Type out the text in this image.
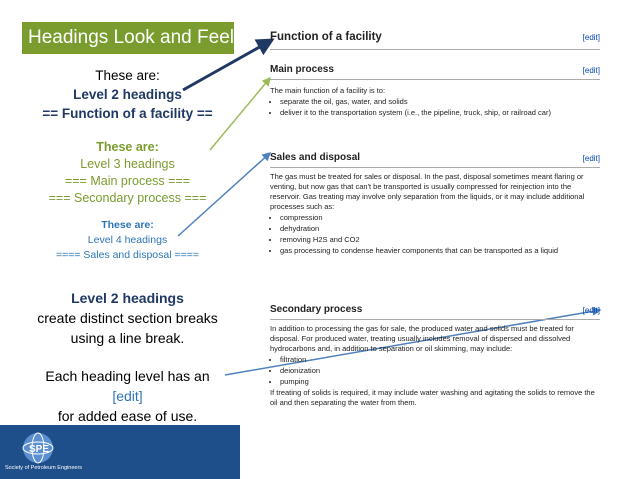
Headings Look and Feel
These are:
Level 2 headings
== Function of a facility ==
These are:
Level 3 headings
=== Main process ===
=== Secondary process ===
These are:
Level 4 headings
==== Sales and disposal ====
Level 2 headings
create distinct section breaks
using a line break.
Each heading level has an
[edit]
for added ease of use.
SPE
Society of Petroleum Engineers
Function of a facility	[edit]
Main process	[edit]
The main function of a facility is to:
• separate the oil, gas, water, and solids
• deliver it to the transportation system (i.e., the pipeline, truck, ship, or railroad car)
Sales and disposal	[edit]
The gas must be treated for sales or disposal. In the past, disposal sometimes meant flaring or venting, but now gas that can't be transported is usually compressed for reinjection into the reservoir. Gas treating may involve only separation from the liquids, or it may include additional processes such as:
• compression
• dehydration
• removing H2S and CO2
• gas processing to condense heavier components that can be transported as a liquid
Secondary process	[edit]
In addition to processing the gas for sale, the produced water and solids must be treated for disposal. For produced water, treating usually includes removal of dispersed and dissolved hydrocarbons and, in addition to separation or oil skimming, may include:
• filtration
• deionization
• pumping
If treating of solids is required, it may include water washing and agitating the solids to remove the oil and then separating the water from them.
